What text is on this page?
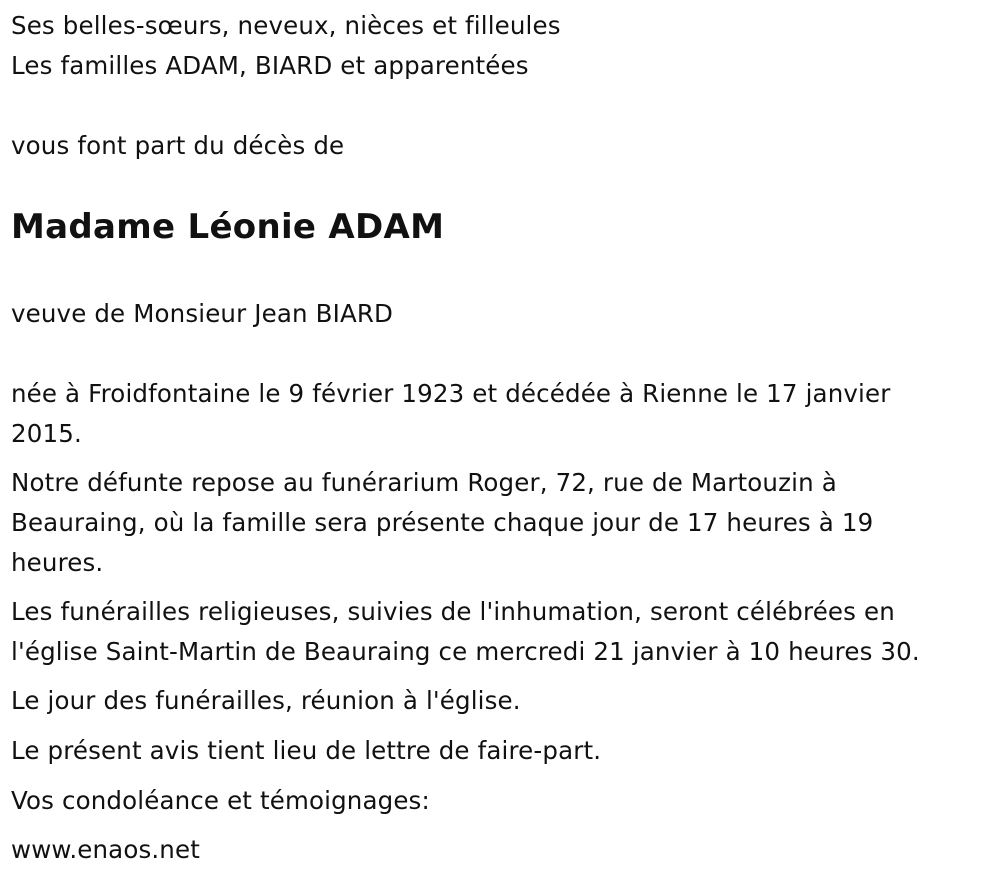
Ses belles-sœurs, neveux, nièces et filleules
Les familles ADAM, BIARD et apparentées
vous font part du décès de
Madame Léonie ADAM
veuve de Monsieur Jean BIARD
née à Froidfontaine le 9 février 1923 et décédée à Rienne le 17 janvier
2015.
Notre défunte repose au funérarium Roger, 72, rue de Martouzin à
Beauraing, où la famille sera présente chaque jour de 17 heures à 19
heures.
Les funérailles religieuses, suivies de l'inhumation, seront célébrées en
l'église Saint-Martin de Beauraing ce mercredi 21 janvier à 10 heures 30.
Le jour des funérailles, réunion à l'église.
Le présent avis tient lieu de lettre de faire-part.
Vos condoléance et témoignages:
www.enaos.net
